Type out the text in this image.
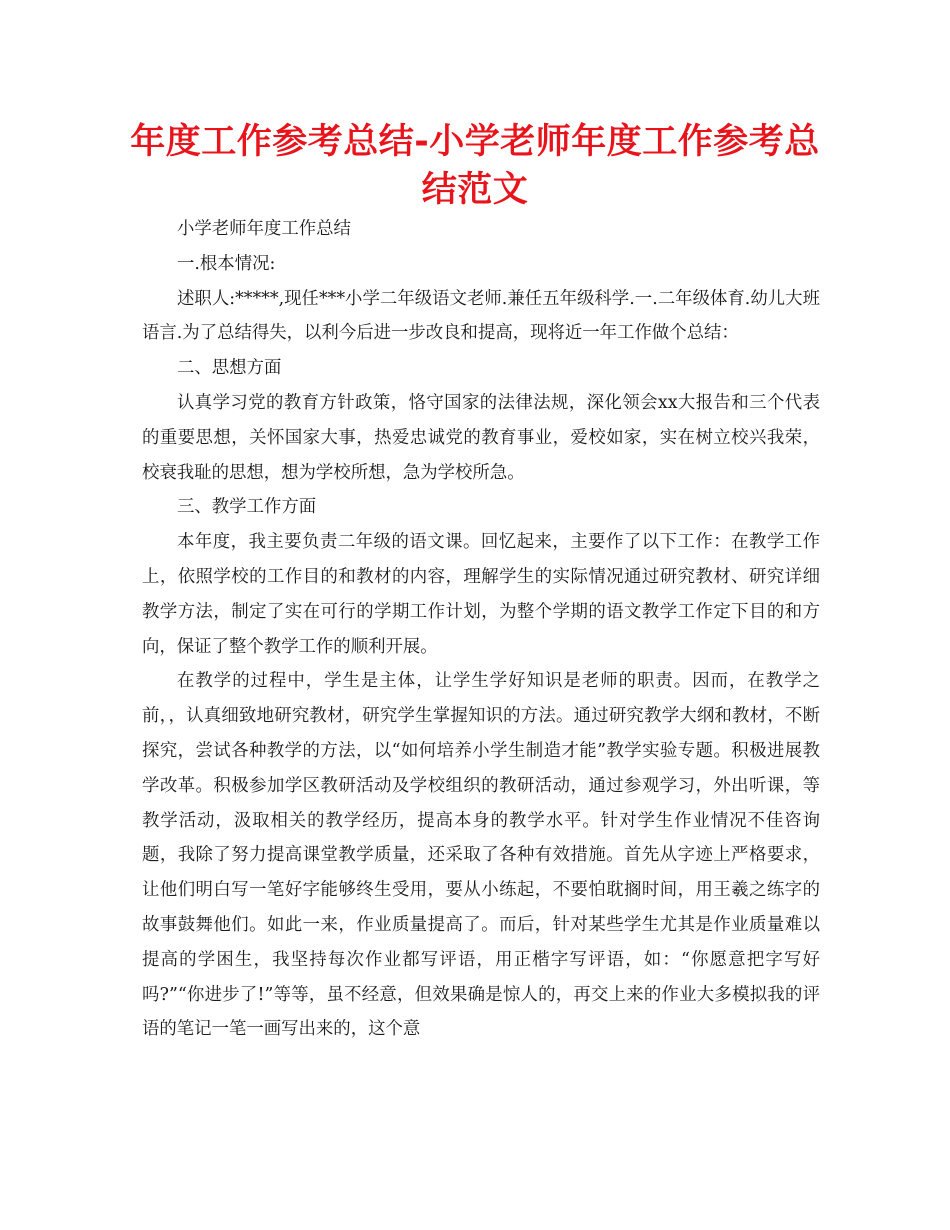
年度工作参考总结-小学老师年度工作参考总结范文

小学老师年度工作总结

一.根本情况:

述职人:*****,现任***小学二年级语文老师.兼任五年级科学.一.二年级体育.幼儿大班语言.为了总结得失，以利今后进一步改良和提高，现将近一年工作做个总结：

二、思想方面

认真学习党的教育方针政策，恪守国家的法律法规，深化领会xx大报告和三个代表的重要思想，关怀国家大事，热爱忠诚党的教育事业，爱校如家，实在树立校兴我荣，校衰我耻的思想，想为学校所想，急为学校所急。

三、教学工作方面

本年度，我主要负责二年级的语文课。回忆起来，主要作了以下工作：在教学工作上，依照学校的工作目的和教材的内容，理解学生的实际情况通过研究教材、研究详细教学方法，制定了实在可行的学期工作计划，为整个学期的语文教学工作定下目的和方向，保证了整个教学工作的顺利开展。

在教学的过程中，学生是主体，让学生学好知识是老师的职责。因而，在教学之前，，认真细致地研究教材，研究学生掌握知识的方法。通过研究教学大纲和教材，不断探究，尝试各种教学的方法，以“如何培养小学生制造才能”教学实验专题。积极进展教学改革。积极参加学区教研活动及学校组织的教研活动，通过参观学习，外出听课，等教学活动，汲取相关的教学经历，提高本身的教学水平。针对学生作业情况不佳咨询题，我除了努力提高课堂教学质量，还采取了各种有效措施。首先从字迹上严格要求，让他们明白写一笔好字能够终生受用，要从小练起，不要怕耽搁时间，用王羲之练字的故事鼓舞他们。如此一来，作业质量提高了。而后，针对某些学生尤其是作业质量难以提高的学困生，我坚持每次作业都写评语，用正楷字写评语，如：“你愿意把字写好吗?”“你进步了!”等等，虽不经意，但效果确是惊人的，再交上来的作业大多模拟我的评语的笔记一笔一画写出来的，这个意
